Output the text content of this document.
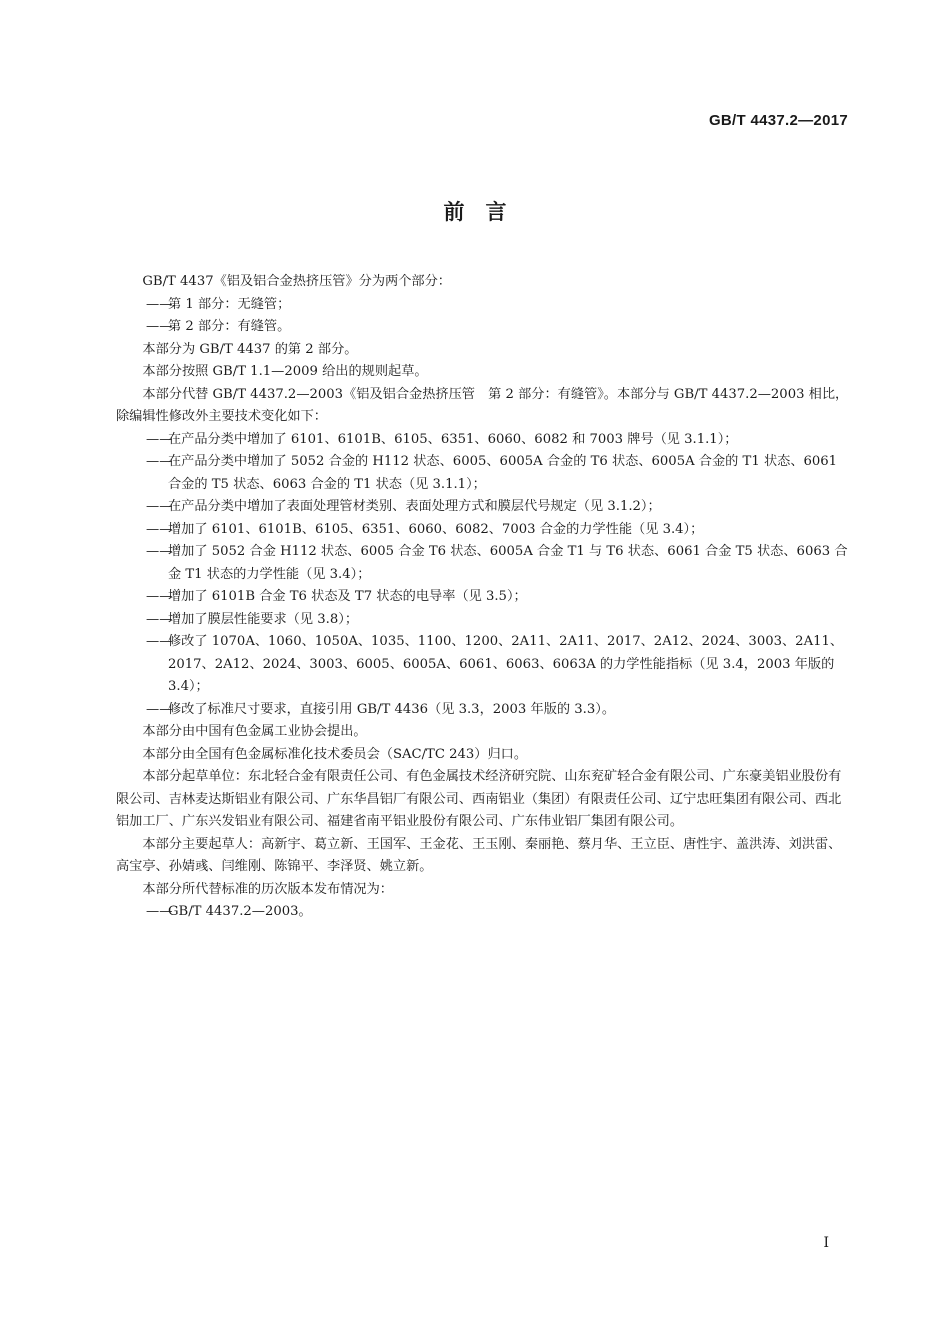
GB/T 4437.2—2017
前　言
GB/T 4437《铝及铝合金热挤压管》分为两个部分：
——
第 1 部分：无缝管；
——
第 2 部分：有缝管。
本部分为 GB/T 4437 的第 2 部分。
本部分按照 GB/T 1.1—2009 给出的规则起草。
本部分代替 GB/T 4437.2—2003《铝及铝合金热挤压管　第 2 部分：有缝管》。本部分与 GB/T 4437.2—2003 相比，除编辑性修改外主要技术变化如下：
——
在产品分类中增加了 6101、6101B、6105、6351、6060、6082 和 7003 牌号（见 3.1.1）；
——
在产品分类中增加了 5052 合金的 H112 状态、6005、6005A 合金的 T6 状态、6005A 合金的 T1 状态、6061 合金的 T5 状态、6063 合金的 T1 状态（见 3.1.1）；
——
在产品分类中增加了表面处理管材类别、表面处理方式和膜层代号规定（见 3.1.2）；
——
增加了 6101、6101B、6105、6351、6060、6082、7003 合金的力学性能（见 3.4）；
——
增加了 5052 合金 H112 状态、6005 合金 T6 状态、6005A 合金 T1 与 T6 状态、6061 合金 T5 状态、6063 合金 T1 状态的力学性能（见 3.4）；
——
增加了 6101B 合金 T6 状态及 T7 状态的电导率（见 3.5）；
——
增加了膜层性能要求（见 3.8）；
——
修改了 1070A、1060、1050A、1035、1100、1200、2A11、2A11、2017、2A12、2024、3003、2A11、2017、2A12、2024、3003、6005、6005A、6061、6063、6063A 的力学性能指标（见 3.4，2003 年版的 3.4）；
——
修改了标准尺寸要求，直接引用 GB/T 4436（见 3.3，2003 年版的 3.3）。
本部分由中国有色金属工业协会提出。
本部分由全国有色金属标准化技术委员会（SAC/TC 243）归口。
本部分起草单位：东北轻合金有限责任公司、有色金属技术经济研究院、山东兖矿轻合金有限公司、广东豪美铝业股份有限公司、吉林麦达斯铝业有限公司、广东华昌铝厂有限公司、西南铝业（集团）有限责任公司、辽宁忠旺集团有限公司、西北铝加工厂、广东兴发铝业有限公司、福建省南平铝业股份有限公司、广东伟业铝厂集团有限公司。
本部分主要起草人：高新宇、葛立新、王国军、王金花、王玉刚、秦丽艳、蔡月华、王立臣、唐性宇、盖洪涛、刘洪雷、高宝亭、孙婧彧、闫维刚、陈锦平、李泽贤、姚立新。
本部分所代替标准的历次版本发布情况为：
——
GB/T 4437.2—2003。
I
